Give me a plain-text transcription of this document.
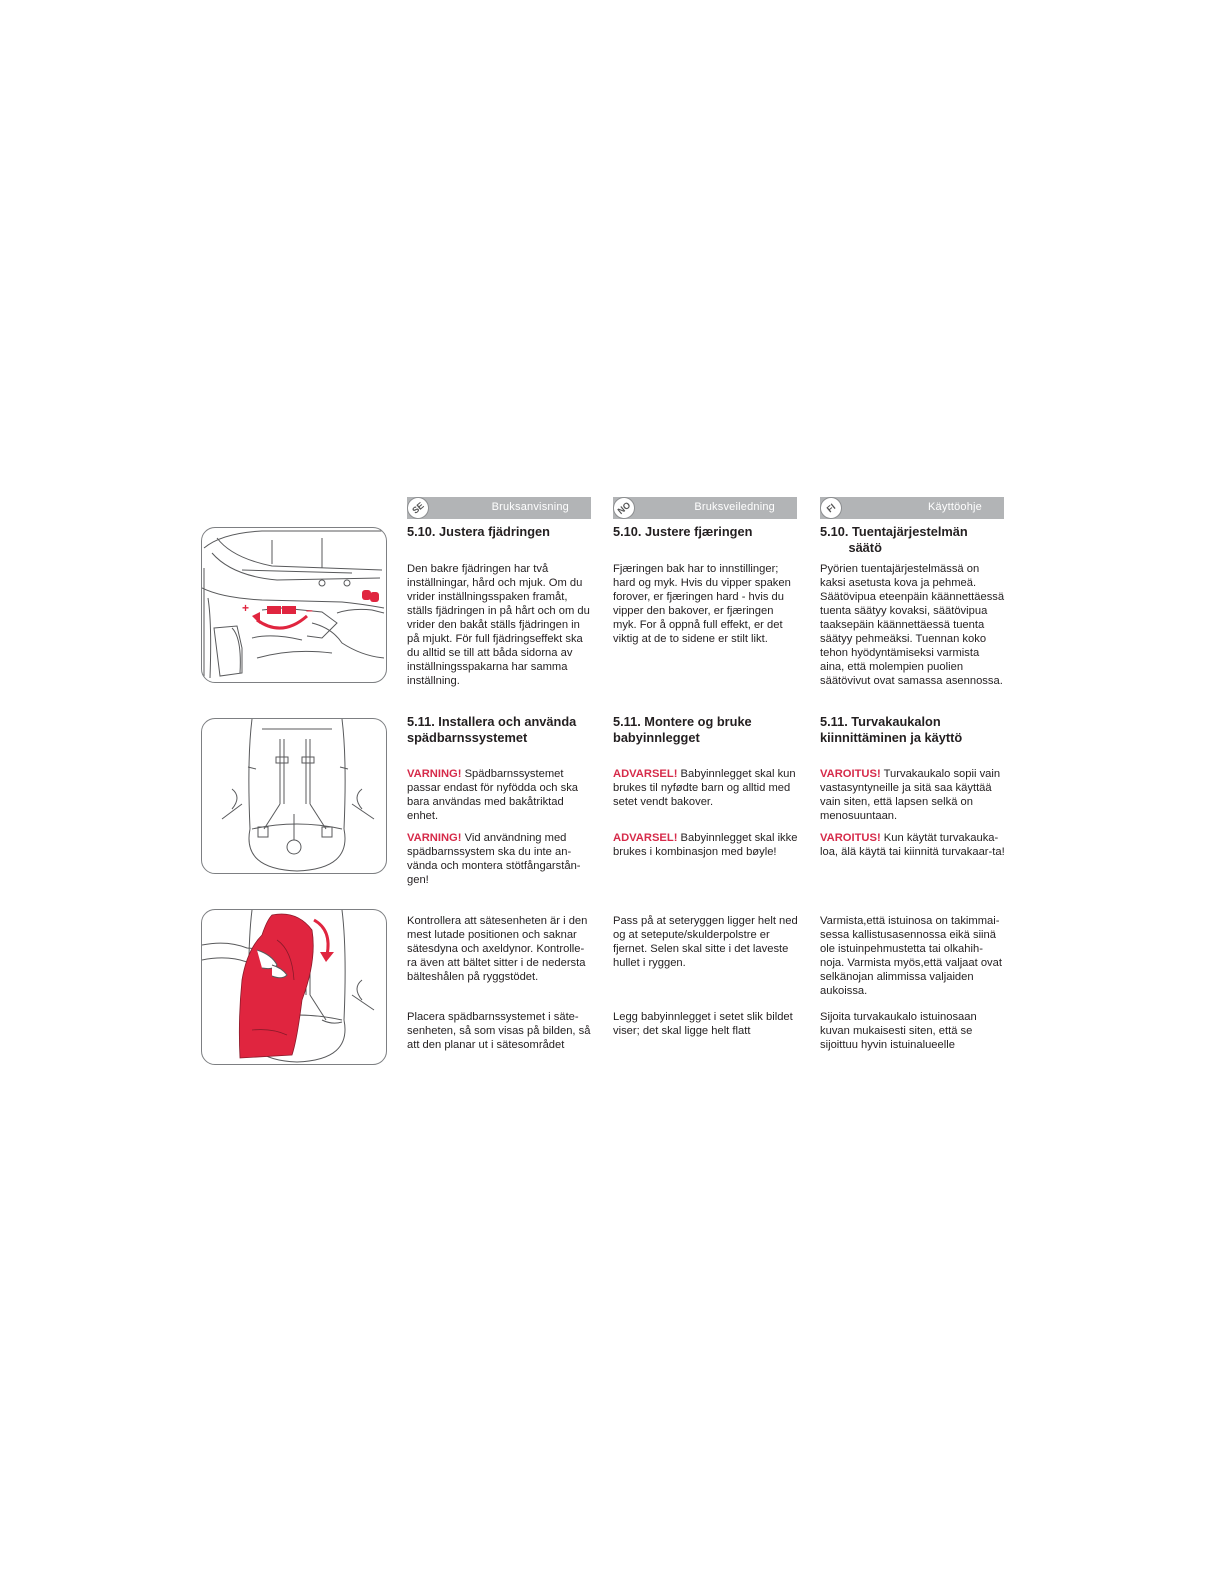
+	–
SE	Bruksanvisning
5.10. Justera fjädringen

Den bakre fjädringen har två inställningar, hård och mjuk. Om du vrider inställningsspaken framåt, ställs fjädringen in på hårt och om du vrider den bakåt ställs fjädringen in på mjukt. För full fjädringseffekt ska du alltid se till att båda sidorna av inställningsspakarna har samma inställning.

5.11. Installera och använda spädbarnssystemet

VARNING! Spädbarnssystemet passar endast för nyfödda och ska bara användas med bakåtriktad enhet.

VARNING! Vid användning med spädbarnssystem ska du inte an-vända och montera stötfångarstån-gen!

Kontrollera att sätesenheten är i den mest lutade positionen och saknar sätesdyna och axeldynor. Kontrolle-ra även att bältet sitter i de nedersta bälteshålen på ryggstödet.

Placera spädbarnssystemet i säte-senheten, så som visas på bilden, så att den planar ut i sätesområdet

NO	Bruksveiledning
5.10. Justere fjæringen

Fjæringen bak har to innstillinger; hard og myk. Hvis du vipper spaken forover, er fjæringen hard - hvis du vipper den bakover, er fjæringen myk. For å oppnå full effekt, er det viktig at de to sidene er stilt likt.

5.11. Montere og bruke babyinnlegget

ADVARSEL! Babyinnlegget skal kun brukes til nyfødte barn og alltid med setet vendt bakover.

ADVARSEL! Babyinnlegget skal ikke brukes i kombinasjon med bøyle!

Pass på at seteryggen ligger helt ned og at setepute/skulderpolstre er fjernet. Selen skal sitte i det laveste hullet i ryggen.

Legg babyinnlegget i setet slik bildet viser; det skal ligge helt flatt

FI	Käyttöohje
5.10. Tuentajärjestelmän
säätö

Pyörien tuentajärjestelmässä on kaksi asetusta kova ja pehmeä. Säätövipua eteenpäin käännettäessä tuenta säätyy kovaksi, säätövipua taaksepäin käännettäessä tuenta säätyy pehmeäksi. Tuennan koko tehon hyödyntämiseksi varmista aina, että molempien puolien säätövivut ovat samassa asennossa.

5.11. Turvakaukalon kiinnittäminen ja käyttö

VAROITUS! Turvakaukalo sopii vain vastasyntyneille ja sitä saa käyttää vain siten, että lapsen selkä on menosuuntaan.

VAROITUS! Kun käytät turvakauka-loa, älä käytä tai kiinnitä turvakaar-ta!

Varmista,että istuinosa on takimmai-sessa kallistusasennossa eikä siinä ole istuinpehmustetta tai olkahih-noja. Varmista myös,että valjaat ovat selkänojan alimmissa valjaiden aukoissa.

Sijoita turvakaukalo istuinosaan kuvan mukaisesti siten, että se sijoittuu hyvin istuinalueelle
